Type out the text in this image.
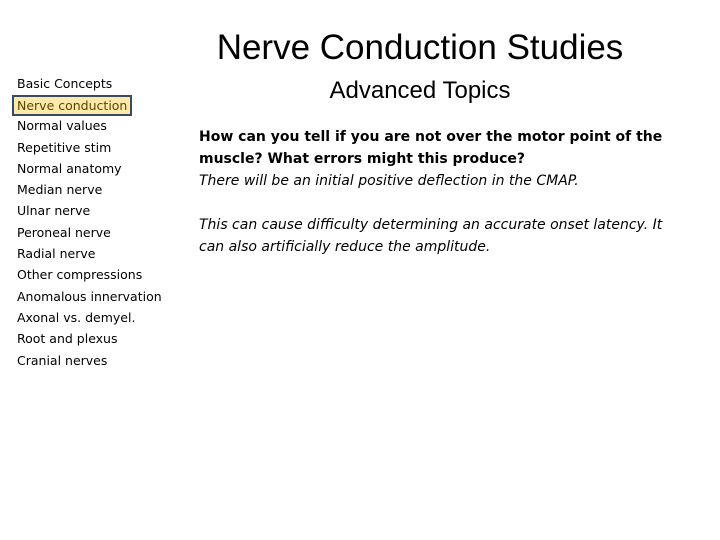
Nerve Conduction Studies
Advanced Topics
Basic Concepts
Nerve conduction
Normal values
Repetitive stim
Normal anatomy
Median nerve
Ulnar nerve
Peroneal nerve
Radial nerve
Other compressions
Anomalous innervation
Axonal vs. demyel.
Root and plexus
Cranial nerves
How can you tell if you are not over the motor point of the muscle? What errors might this produce?
There will be an initial positive deflection in the CMAP.
This can cause difficulty determining an accurate onset latency. It can also artificially reduce the amplitude.
